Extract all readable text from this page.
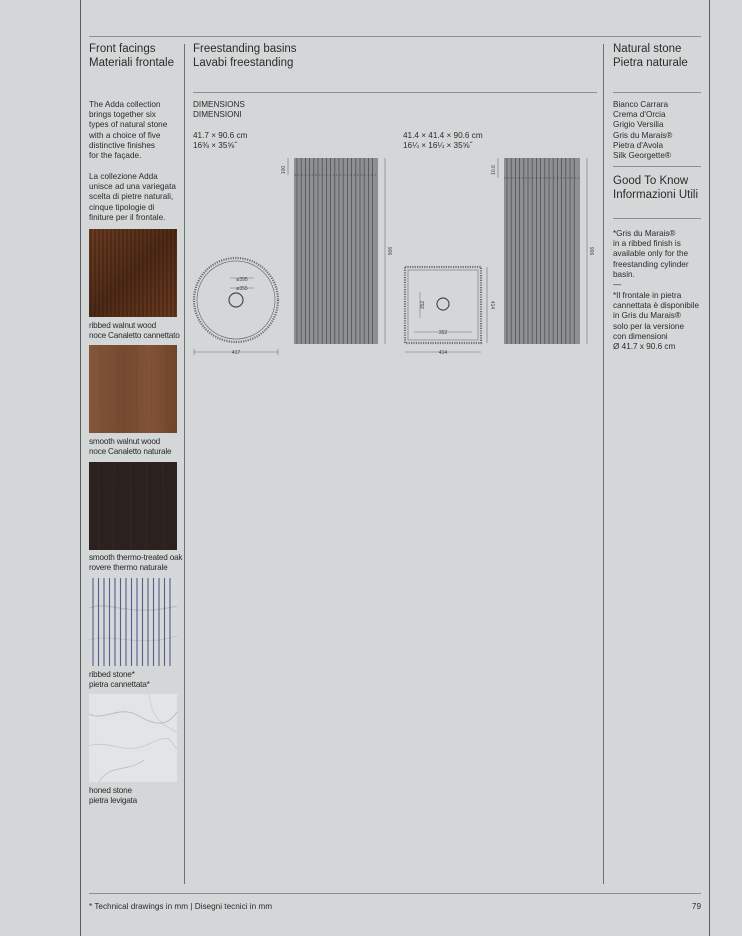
Front facings
Materiali frontale
The Adda collection
brings together six
types of natural stone
with a choice of five
distinctive finishes
for the façade.
La collezione Adda
unisce ad una variegata
scelta di pietre naturali,
cinque tipologie di
finiture per il frontale.
ribbed walnut wood
noce Canaletto cannettato
smooth walnut wood
noce Canaletto naturale
smooth thermo-treated oak
rovere thermo naturale
ribbed stone*
pietra cannettata*
honed stone
pietra levigata
Freestanding basins
Lavabi freestanding
DIMENSIONS
DIMENSIONI
41.7 × 90.6 cm
16⅜ × 35⅝˝
41.4 × 41.4 × 90.6 cm
16¼ × 16¼ × 35⅝˝
ø395
ø355
417
100
906
352
352
414
414
10.6
906
Natural stone
Pietra naturale
Bianco Carrara
Crema d'Orcia
Grigio Versilia
Gris du Marais®
Pietra d'Avola
Silk Georgette®
Good To Know
Informazioni Utili
*Gris du Marais®
in a ribbed finish is
available only for the
freestanding cylinder
basin.
—
*Il frontale in pietra
cannettata è disponibile
in Gris du Marais®
solo per la versione
con dimensioni
Ø 41.7 x 90.6 cm
* Technical drawings in mm | Disegni tecnici in mm	79
